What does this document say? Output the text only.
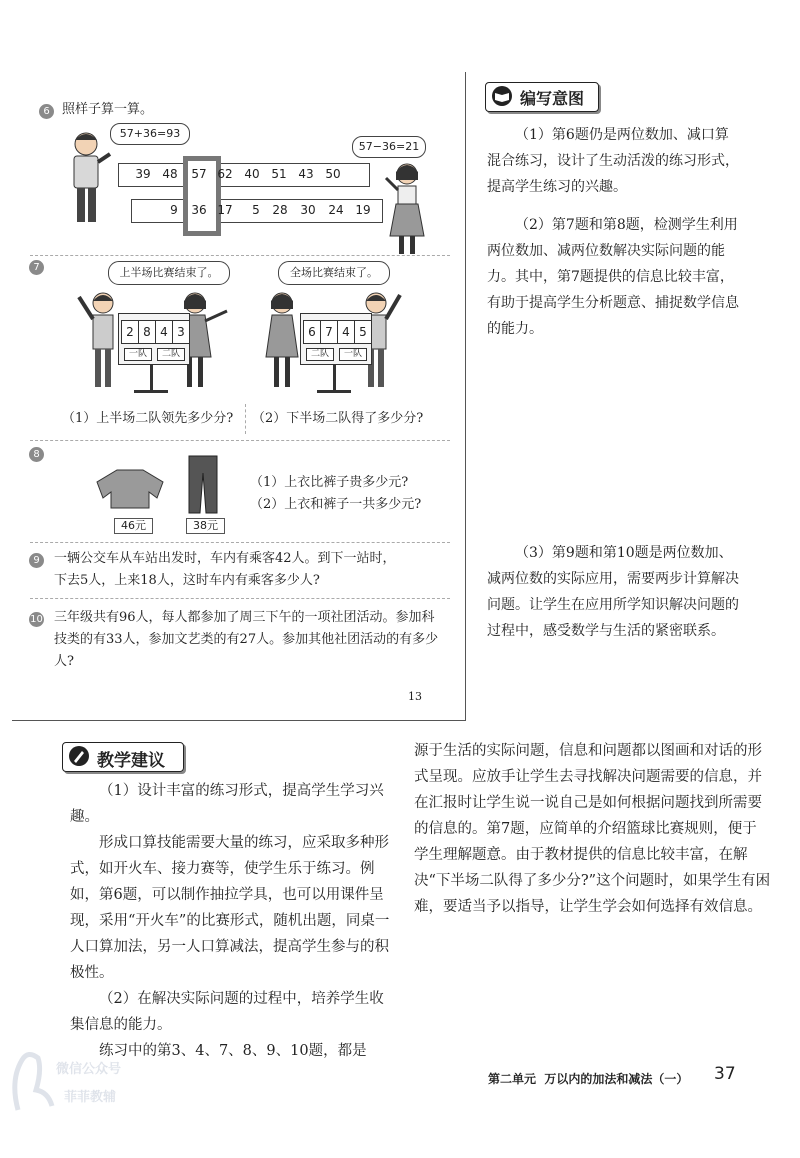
6 照样子算一算。
57+36=93
57−36=21
39 48	57 62 40 51 43 50
9	36 17	5	28	30	24 19
7	上半场比赛结束了。	全场比赛结束了。
2 8 4 3
一队	二队
6 7 4 5
二队	一队
（1）上半场二队领先多少分? （2）下半场二队得了多少分?
8
46元	38元
（1）上衣比裤子贵多少元?
（2）上衣和裤子一共多少元?
9	一辆公交车从车站出发时，车内有乘客42人。到下一站时，下去5人，上来18人，这时车内有乘客多少人?
10 三年级共有96人，每人都参加了周三下午的一项社团活动。参加科技类的有33人，参加文艺类的有27人。参加其他社团活动的有多少人?
13
编写意图
（1）第6题仍是两位数加、减口算混合练习，设计了生动活泼的练习形式，提高学生练习的兴趣。
（2）第7题和第8题，检测学生利用两位数加、减两位数解决实际问题的能力。其中，第7题提供的信息比较丰富，有助于提高学生分析题意、捕捉数学信息的能力。
（3）第9题和第10题是两位数加、减两位数的实际应用，需要两步计算解决问题。让学生在应用所学知识解决问题的过程中，感受数学与生活的紧密联系。
教学建议
（1）设计丰富的练习形式，提高学生学习兴趣。
形成口算技能需要大量的练习，应采取多种形式，如开火车、接力赛等，使学生乐于练习。例如，第6题，可以制作抽拉学具，也可以用课件呈现，采用“开火车”的比赛形式，随机出题，同桌一人口算加法，另一人口算减法，提高学生参与的积极性。
（2）在解决实际问题的过程中，培养学生收集信息的能力。
练习中的第3、4、7、8、9、10题，都是
源于生活的实际问题，信息和问题都以图画和对话的形式呈现。应放手让学生去寻找解决问题需要的信息，并在汇报时让学生说一说自己是如何根据问题找到所需要的信息的。第7题，应简单的介绍篮球比赛规则，便于学生理解题意。由于教材提供的信息比较丰富，在解决“下半场二队得了多少分?”这个问题时，如果学生有困难，要适当予以指导，让学生学会如何选择有效信息。
微信公众号
菲菲教辅
第二单元  万以内的加法和减法（一） 37
